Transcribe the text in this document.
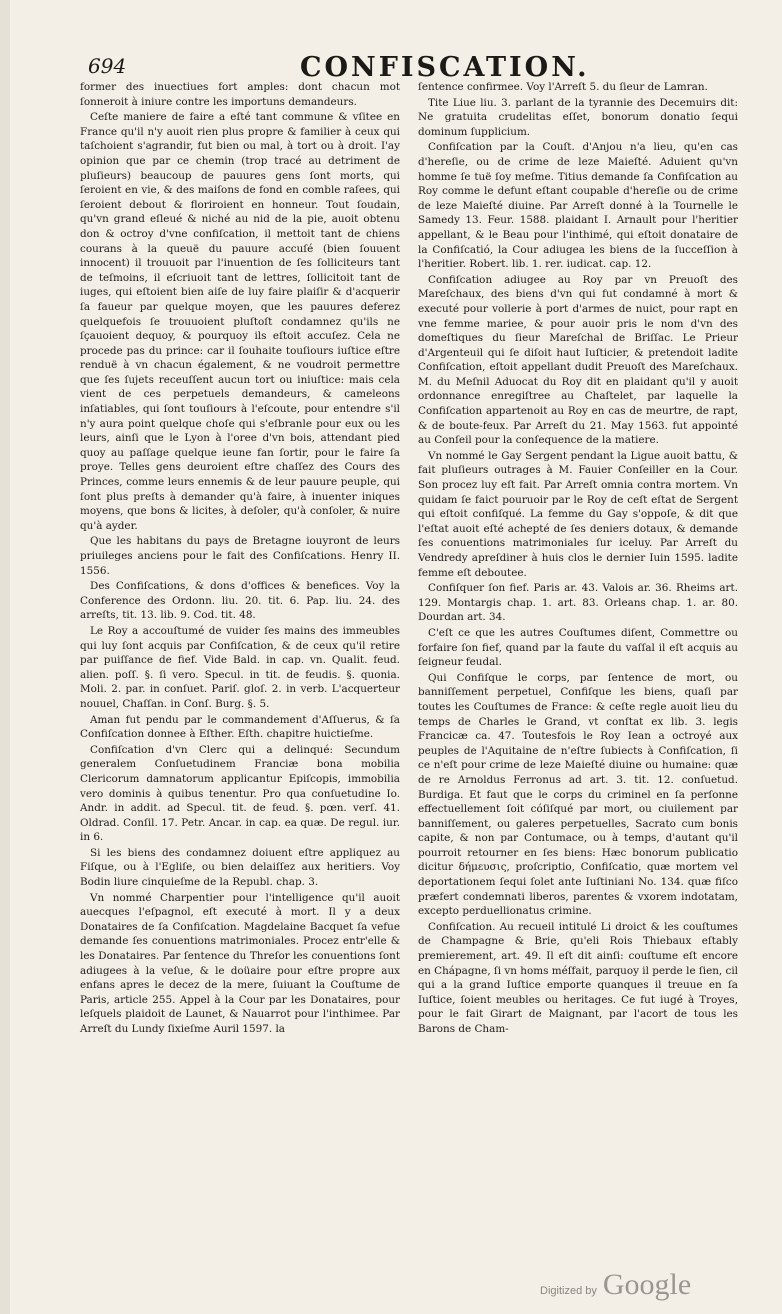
694	CONFISCATION.

former des inuectiues fort amples: dont chacun mot ſonneroit à iniure contre les importuns demandeurs.

Ceſte maniere de faire a eſté tant commune & vſitee en France qu'il n'y auoit rien plus propre & familier à ceux qui taſchoient s'agrandir, fut bien ou mal, à tort ou à droit. I'ay opinion que par ce chemin (trop tracé au detriment de pluſieurs) beaucoup de pauures gens ſont morts, qui ſeroient en vie, & des maiſons de fond en comble raſees, qui ſeroient debout & floriroient en honneur. Tout ſoudain, qu'vn grand eſleué & niché au nid de la pie, auoit obtenu don & octroy d'vne confiſcation, il mettoit tant de chiens courans à la queuë du pauure accuſé (bien ſouuent innocent) il trouuoit par l'inuention de ſes ſolliciteurs tant de teſmoins, il eſcriuoit tant de lettres, ſollicitoit tant de iuges, qui eſtoient bien aiſe de luy faire plaiſir & d'acquerir ſa faueur par quelque moyen, que les pauures deferez quelquefois ſe trouuoient pluſtoſt condamnez qu'ils ne ſçauoient dequoy, & pourquoy ils eſtoit accuſez. Cela ne procede pas du prince: car il ſouhaite touſiours iuſtice eſtre renduë à vn chacun également, & ne voudroit permettre que ſes ſujets receuſſent aucun tort ou iniuſtice: mais cela vient de ces perpetuels demandeurs, & cameleons inſatiables, qui ſont touſiours à l'eſcoute, pour entendre s'il n'y aura point quelque choſe qui s'eſbranle pour eux ou les leurs, ainſi que le Lyon à l'oree d'vn bois, attendant pied quoy au paſſage quelque ieune fan ſortir, pour le faire ſa proye. Telles gens deuroient eſtre chaſſez des Cours des Princes, comme leurs ennemis & de leur pauure peuple, qui ſont plus preſts à demander qu'à faire, à inuenter iniques moyens, que bons & licites, à deſoler, qu'à conſoler, & nuire qu'à ayder.

Que les habitans du pays de Bretagne iouyront de leurs priuileges anciens pour le fait des Confiſcations. Henry II. 1556.

Des Confiſcations, & dons d'offices & benefices. Voy la Conference des Ordonn. liu. 20. tit. 6. Pap. liu. 24. des arreſts, tit. 13. lib. 9. Cod. tit. 48.

Le Roy a accouſtumé de vuider ſes mains des immeubles qui luy ſont acquis par Confiſcation, & de ceux qu'il retire par puiſſance de fief. Vide Bald. in cap. vn. Qualit. feud. alien. poſſ. §. ſi vero. Specul. in tit. de feudis. §. quonia. Moli. 2. par. in conſuet. Pariſ. gloſ. 2. in verb. L'acquerteur nouuel, Chaſſan. in Conſ. Burg. §. 5.

Aman fut pendu par le commandement d'Aſſuerus, & ſa Confiſcation donnee à Eſther. Eſth. chapitre huictieſme.

Confiſcation d'vn Clerc qui a delinqué: Secundum generalem Conſuetudinem Franciæ bona mobilia Clericorum damnatorum applicantur Epiſcopis, immobilia vero dominis à quibus tenentur. Pro qua conſuetudine Io. Andr. in addit. ad Specul. tit. de feud. §. pœn. verſ. 41. Oldrad. Conſil. 17. Petr. Ancar. in cap. ea quæ. De regul. iur. in 6.

Si les biens des condamnez doiuent eſtre appliquez au Fiſque, ou à l'Egliſe, ou bien delaiſſez aux heritiers. Voy Bodin liure cinquieſme de la Republ. chap. 3.

Vn nommé Charpentier pour l'intelligence qu'il auoit auecques l'eſpagnol, eſt executé à mort. Il y a deux Donataires de ſa Confiſcation. Magdelaine Bacquet ſa vefue demande ſes conuentions matrimoniales. Procez entr'elle & les Donataires. Par ſentence du Threſor les conuentions ſont adiugees à la veſue, & le doüaire pour eſtre propre aux enfans apres le decez de la mere, ſuiuant la Couſtume de Paris, article 255. Appel à la Cour par les Donataires, pour leſquels plaidoit de Launet, & Nauarrot pour l'inthimee. Par Arreſt du Lundy ſixieſme Auril 1597. la

ſentence confirmee. Voy l'Arreſt 5. du ſieur de Lamran.

Tite Liue liu. 3. parlant de la tyrannie des Decemuirs dit: Ne gratuita crudelitas eſſet, bonorum donatio ſequi dominum ſupplicium.

Confiſcation par la Couſt. d'Anjou n'a lieu, qu'en cas d'hereſie, ou de crime de leze Maieſté. Aduient qu'vn homme ſe tuë ſoy meſme. Titius demande ſa Confiſcation au Roy comme le defunt eſtant coupable d'hereſie ou de crime de leze Maieſté diuine. Par Arreſt donné à la Tournelle le Samedy 13. Feur. 1588. plaidant I. Arnault pour l'heritier appellant, & le Beau pour l'inthimé, qui eſtoit donataire de la Confiſcatió, la Cour adiugea les biens de la ſucceſſion à l'heritier. Robert. lib. 1. rer. iudicat. cap. 12.

Confiſcation adiugee au Roy par vn Preuoſt des Mareſchaux, des biens d'vn qui fut condamné à mort & executé pour vollerie à port d'armes de nuict, pour rapt en vne femme mariee, & pour auoir pris le nom d'vn des domeſtiques du ſieur Mareſchal de Briſſac. Le Prieur d'Argenteuil qui ſe diſoit haut Iuſticier, & pretendoit ladite Confiſcation, eſtoit appellant dudit Preuoſt des Mareſchaux. M. du Meſnil Aduocat du Roy dit en plaidant qu'il y auoit ordonnance enregiſtree au Chaſtelet, par laquelle la Confiſcation appartenoit au Roy en cas de meurtre, de rapt, & de boute-feux. Par Arreſt du 21. May 1563. fut appointé au Conſeil pour la conſequence de la matiere.

Vn nommé le Gay Sergent pendant la Ligue auoit battu, & fait pluſieurs outrages à M. Fauier Conſeiller en la Cour. Son procez luy eſt fait. Par Arreſt omnia contra mortem. Vn quidam ſe faict pouruoir par le Roy de ceſt eſtat de Sergent qui eſtoit confiſqué. La femme du Gay s'oppoſe, & dit que l'eſtat auoit eſté achepté de ſes deniers dotaux, & demande ſes conuentions matrimoniales ſur iceluy. Par Arreſt du Vendredy apreſdiner à huis clos le dernier Iuin 1595. ladite femme eſt deboutee.

Confiſquer ſon fief. Paris ar. 43. Valois ar. 36. Rheims art. 129. Montargis chap. 1. art. 83. Orleans chap. 1. ar. 80. Dourdan art. 34.

C'eſt ce que les autres Couſtumes diſent, Commettre ou forfaire ſon fief, quand par la faute du vaſſal il eſt acquis au ſeigneur feudal.

Qui Confiſque le corps, par ſentence de mort, ou banniſſement perpetuel, Confiſque les biens, quaſi par toutes les Couſtumes de France: & ceſte regle auoit lieu du temps de Charles le Grand, vt conſtat ex lib. 3. legis Francicæ ca. 47. Toutesfois le Roy Iean a octroyé aux peuples de l'Aquitaine de n'eſtre ſubiects à Confiſcation, ſi ce n'eſt pour crime de leze Maieſté diuine ou humaine: quæ de re Arnoldus Ferronus ad art. 3. tit. 12. conſuetud. Burdiga. Et faut que le corps du criminel en ſa perſonne effectuellement ſoit cóſiſqué par mort, ou ciuilement par banniſſement, ou galeres perpetuelles, Sacrato cum bonis capite, & non par Contumace, ou à temps, d'autant qu'il pourroit retourner en ſes biens: Hæc bonorum publicatio dicitur δήμευσις, proſcriptio, Confiſcatio, quæ mortem vel deportationem ſequi ſolet ante Iuſtiniani No. 134. quæ fiſco præfert condemnati liberos, parentes & vxorem indotatam, excepto perduellionatus crimine.

Confiſcation. Au recueil intitulé Li droict & les couſtumes de Champagne & Brie, qu'eli Rois Thiebaux eſtably premierement, art. 49. Il eſt dit ainſi: couſtume eſt encore en Chápagne, ſi vn homs méſfait, parquoy il perde le ſien, cil qui a la grand Iuſtice emporte quanques il treuue en ſa Iuſtice, ſoient meubles ou heritages. Ce fut iugé à Troyes, pour le fait Girart de Maignant, par l'acort de tous les Barons de Cham-

Digitized by Google
